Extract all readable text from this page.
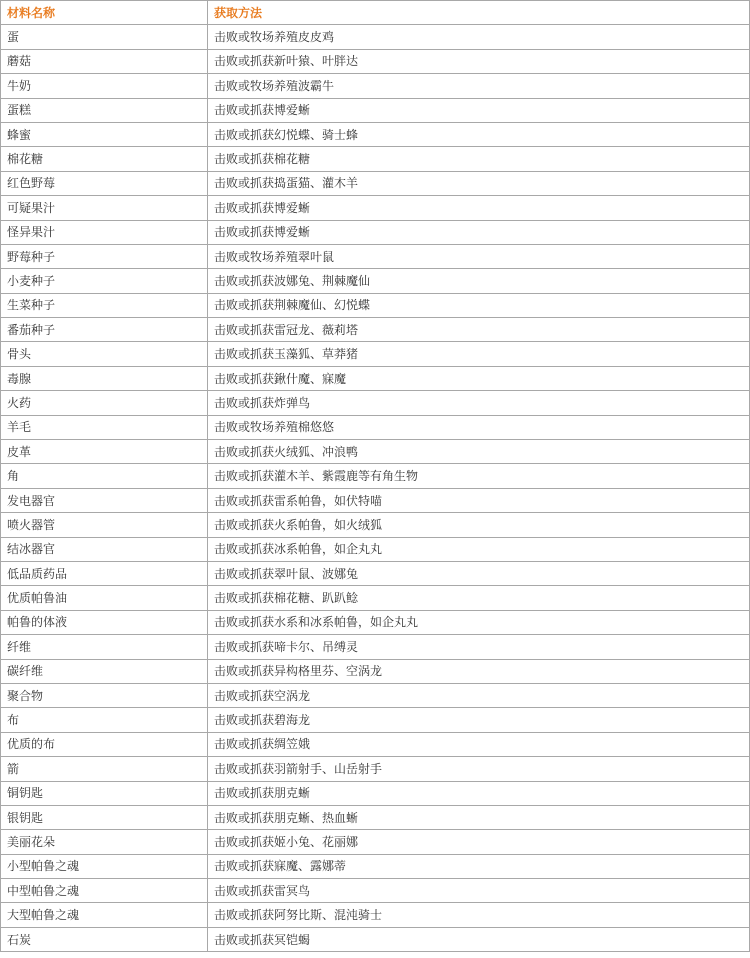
材料名称	获取方法
蛋	击败或牧场养殖皮皮鸡
蘑菇	击败或抓获新叶猿、叶胖达
牛奶	击败或牧场养殖波霸牛
蛋糕	击败或抓获博爱蜥
蜂蜜	击败或抓获幻悦蝶、骑士蜂
棉花糖	击败或抓获棉花糖
红色野莓	击败或抓获捣蛋猫、灌木羊
可疑果汁	击败或抓获博爱蜥
怪异果汁	击败或抓获博爱蜥
野莓种子	击败或牧场养殖翠叶鼠
小麦种子	击败或抓获波娜兔、荆棘魔仙
生菜种子	击败或抓获荆棘魔仙、幻悦蝶
番茄种子	击败或抓获雷冠龙、薇莉塔
骨头	击败或抓获玉藻狐、草莽猪
毒腺	击败或抓获鍬什魔、寐魔
火药	击败或抓获炸弹鸟
羊毛	击败或牧场养殖棉悠悠
皮革	击败或抓获火绒狐、冲浪鸭
角	击败或抓获灌木羊、紫霞鹿等有角生物
发电器官	击败或抓获雷系帕鲁，如伏特喵
喷火器管	击败或抓获火系帕鲁，如火绒狐
结冰器官	击败或抓获冰系帕鲁，如企丸丸
低品质药品	击败或抓获翠叶鼠、波娜兔
优质帕鲁油	击败或抓获棉花糖、趴趴鲶
帕鲁的体液	击败或抓获水系和冰系帕鲁，如企丸丸
纤维	击败或抓获啼卡尔、吊缚灵
碳纤维	击败或抓获异构格里芬、空涡龙
聚合物	击败或抓获空涡龙
布	击败或抓获碧海龙
优质的布	击败或抓获绸笠娥
箭	击败或抓获羽箭射手、山岳射手
铜钥匙	击败或抓获朋克蜥
银钥匙	击败或抓获朋克蜥、热血蜥
美丽花朵	击败或抓获姬小兔、花丽娜
小型帕鲁之魂	击败或抓获寐魔、露娜蒂
中型帕鲁之魂	击败或抓获雷冥鸟
大型帕鲁之魂	击败或抓获阿努比斯、混沌骑士
石炭	击败或抓获冥铠蝎
